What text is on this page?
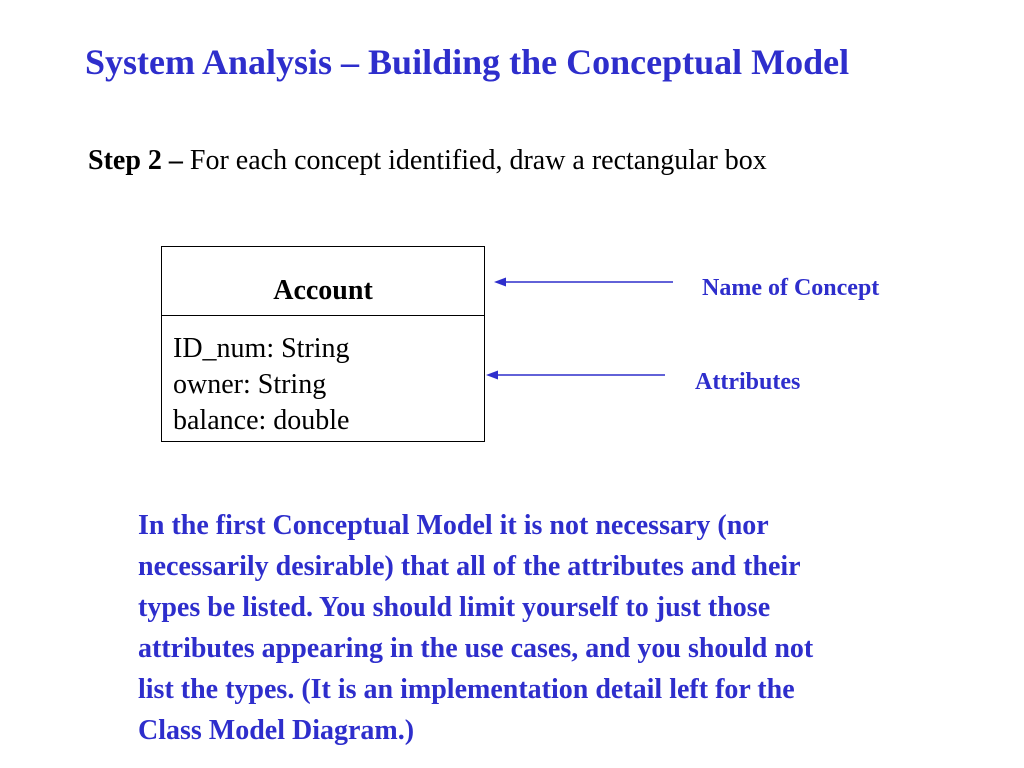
System Analysis – Building the Conceptual Model
Step 2 – For each concept identified, draw a rectangular box
Account
ID_num: String
owner: String
balance: double
Name of Concept
Attributes
In the first Conceptual Model it is not necessary (nor
necessarily desirable) that all of the attributes and their
types be listed. You should limit yourself to just those
attributes appearing in the use cases, and you should not
list the types. (It is an implementation detail left for the
Class Model Diagram.)
